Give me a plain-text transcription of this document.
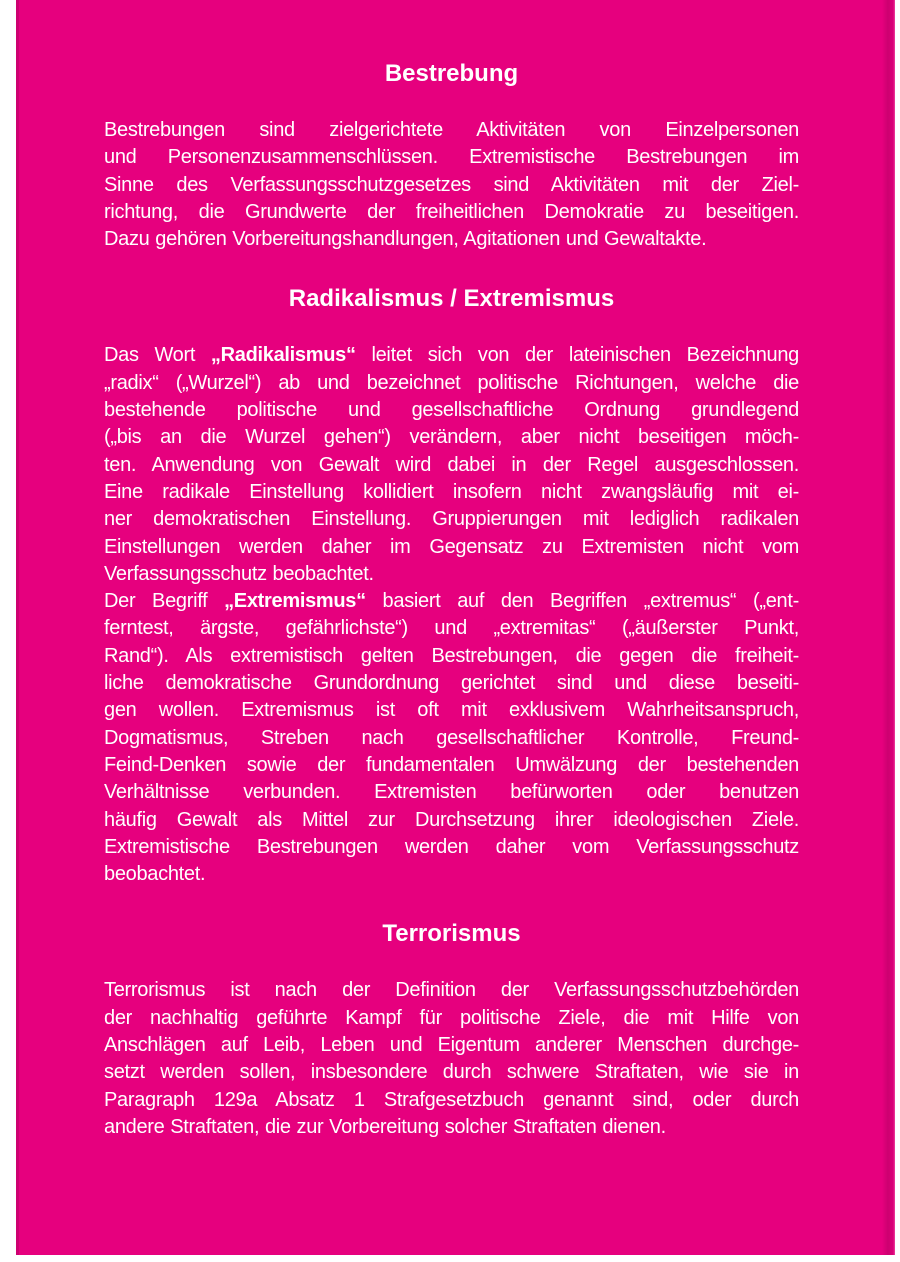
Bestrebung
Bestrebungen sind zielgerichtete Aktivitäten von Einzelpersonen
und Personenzusammenschlüssen. Extremistische Bestrebungen im
Sinne des Verfassungsschutzgesetzes sind Aktivitäten mit der Ziel-
richtung, die Grundwerte der freiheitlichen Demokratie zu beseitigen.
Dazu gehören Vorbereitungshandlungen, Agitationen und Gewaltakte.
Radikalismus / Extremismus
Das Wort „Radikalismus“ leitet sich von der lateinischen Bezeichnung
„radix“ („Wurzel“) ab und bezeichnet politische Richtungen, welche die
bestehende politische und gesellschaftliche Ordnung grundlegend
(„bis an die Wurzel gehen“) verändern, aber nicht beseitigen möch-
ten. Anwendung von Gewalt wird dabei in der Regel ausgeschlossen.
Eine radikale Einstellung kollidiert insofern nicht zwangsläufig mit ei-
ner demokratischen Einstellung. Gruppierungen mit lediglich radikalen
Einstellungen werden daher im Gegensatz zu Extremisten nicht vom
Verfassungsschutz beobachtet.
Der Begriff „Extremismus“ basiert auf den Begriffen „extremus“ („ent-
ferntest, ärgste, gefährlichste“) und „extremitas“ („äußerster Punkt,
Rand“). Als extremistisch gelten Bestrebungen, die gegen die freiheit-
liche demokratische Grundordnung gerichtet sind und diese beseiti-
gen wollen. Extremismus ist oft mit exklusivem Wahrheitsanspruch,
Dogmatismus, Streben nach gesellschaftlicher Kontrolle, Freund-
Feind-Denken sowie der fundamentalen Umwälzung der bestehenden
Verhältnisse verbunden. Extremisten befürworten oder benutzen
häufig Gewalt als Mittel zur Durchsetzung ihrer ideologischen Ziele.
Extremistische Bestrebungen werden daher vom Verfassungsschutz
beobachtet.
Terrorismus
Terrorismus ist nach der Definition der Verfassungsschutzbehörden
der nachhaltig geführte Kampf für politische Ziele, die mit Hilfe von
Anschlägen auf Leib, Leben und Eigentum anderer Menschen durchge-
setzt werden sollen, insbesondere durch schwere Straftaten, wie sie in
Paragraph 129a Absatz 1 Strafgesetzbuch genannt sind, oder durch
andere Straftaten, die zur Vorbereitung solcher Straftaten dienen.
